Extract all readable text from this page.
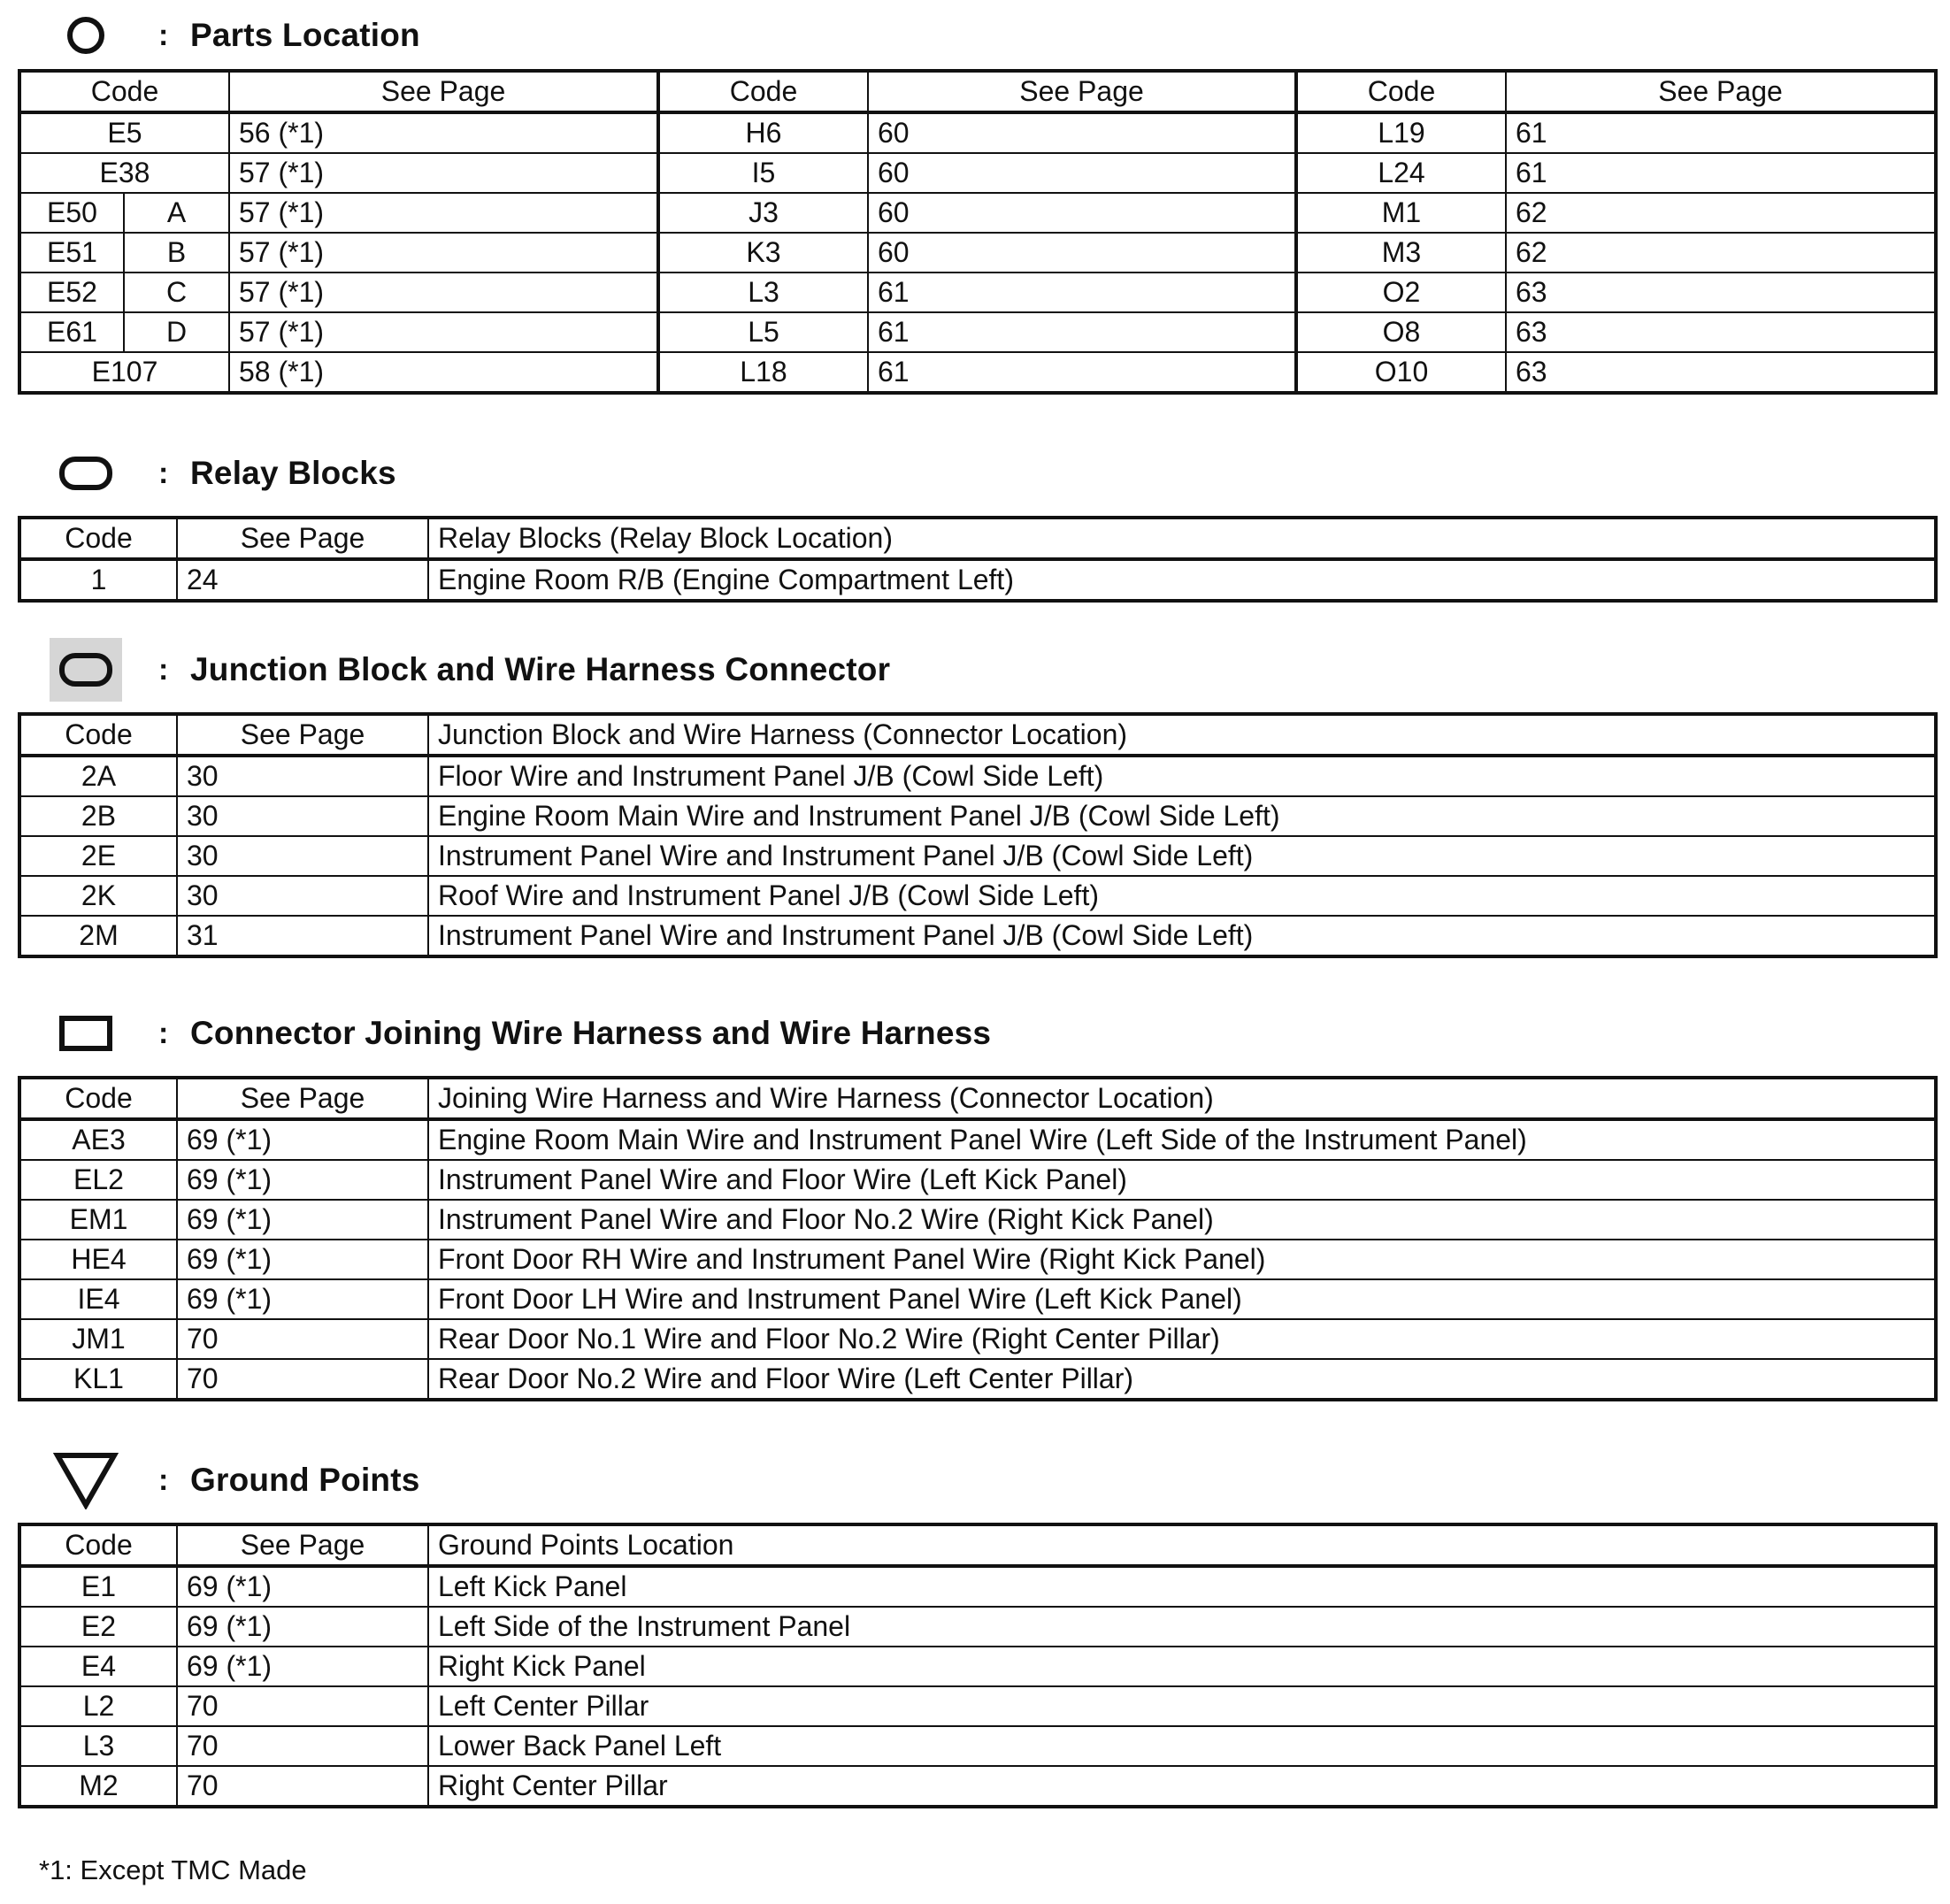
: Parts Location
Code		See Page	Code	See Page	Code	See Page
E5		56 (*1)	H6	60	L19	61
E38		57 (*1)	I5	60	L24	61
E50	A	57 (*1)	J3	60	M1	62
E51	B	57 (*1)	K3	60	M3	62
E52	C	57 (*1)	L3	61	O2	63
E61	D	57 (*1)	L5	61	O8	63
E107		58 (*1)	L18	61	O10	63
: Relay Blocks
Code	See Page	Relay Blocks (Relay Block Location)
1	24	Engine Room R/B (Engine Compartment Left)
: Junction Block and Wire Harness Connector
Code	See Page	Junction Block and Wire Harness (Connector Location)
2A	30	Floor Wire and Instrument Panel J/B (Cowl Side Left)
2B	30	Engine Room Main Wire and Instrument Panel J/B (Cowl Side Left)
2E	30	Instrument Panel Wire and Instrument Panel J/B (Cowl Side Left)
2K	30	Roof Wire and Instrument Panel J/B (Cowl Side Left)
2M	31	Instrument Panel Wire and Instrument Panel J/B (Cowl Side Left)
: Connector Joining Wire Harness and Wire Harness
Code	See Page	Joining Wire Harness and Wire Harness (Connector Location)
AE3	69 (*1)	Engine Room Main Wire and Instrument Panel Wire (Left Side of the Instrument Panel)
EL2	69 (*1)	Instrument Panel Wire and Floor Wire (Left Kick Panel)
EM1	69 (*1)	Instrument Panel Wire and Floor No.2 Wire (Right Kick Panel)
HE4	69 (*1)	Front Door RH Wire and Instrument Panel Wire (Right Kick Panel)
IE4	69 (*1)	Front Door LH Wire and Instrument Panel Wire (Left Kick Panel)
JM1	70	Rear Door No.1 Wire and Floor No.2 Wire (Right Center Pillar)
KL1	70	Rear Door No.2 Wire and Floor Wire (Left Center Pillar)
: Ground Points
Code	See Page	Ground Points Location
E1	69 (*1)	Left Kick Panel
E2	69 (*1)	Left Side of the Instrument Panel
E4	69 (*1)	Right Kick Panel
L2	70	Left Center Pillar
L3	70	Lower Back Panel Left
M2	70	Right Center Pillar
*1: Except TMC Made
